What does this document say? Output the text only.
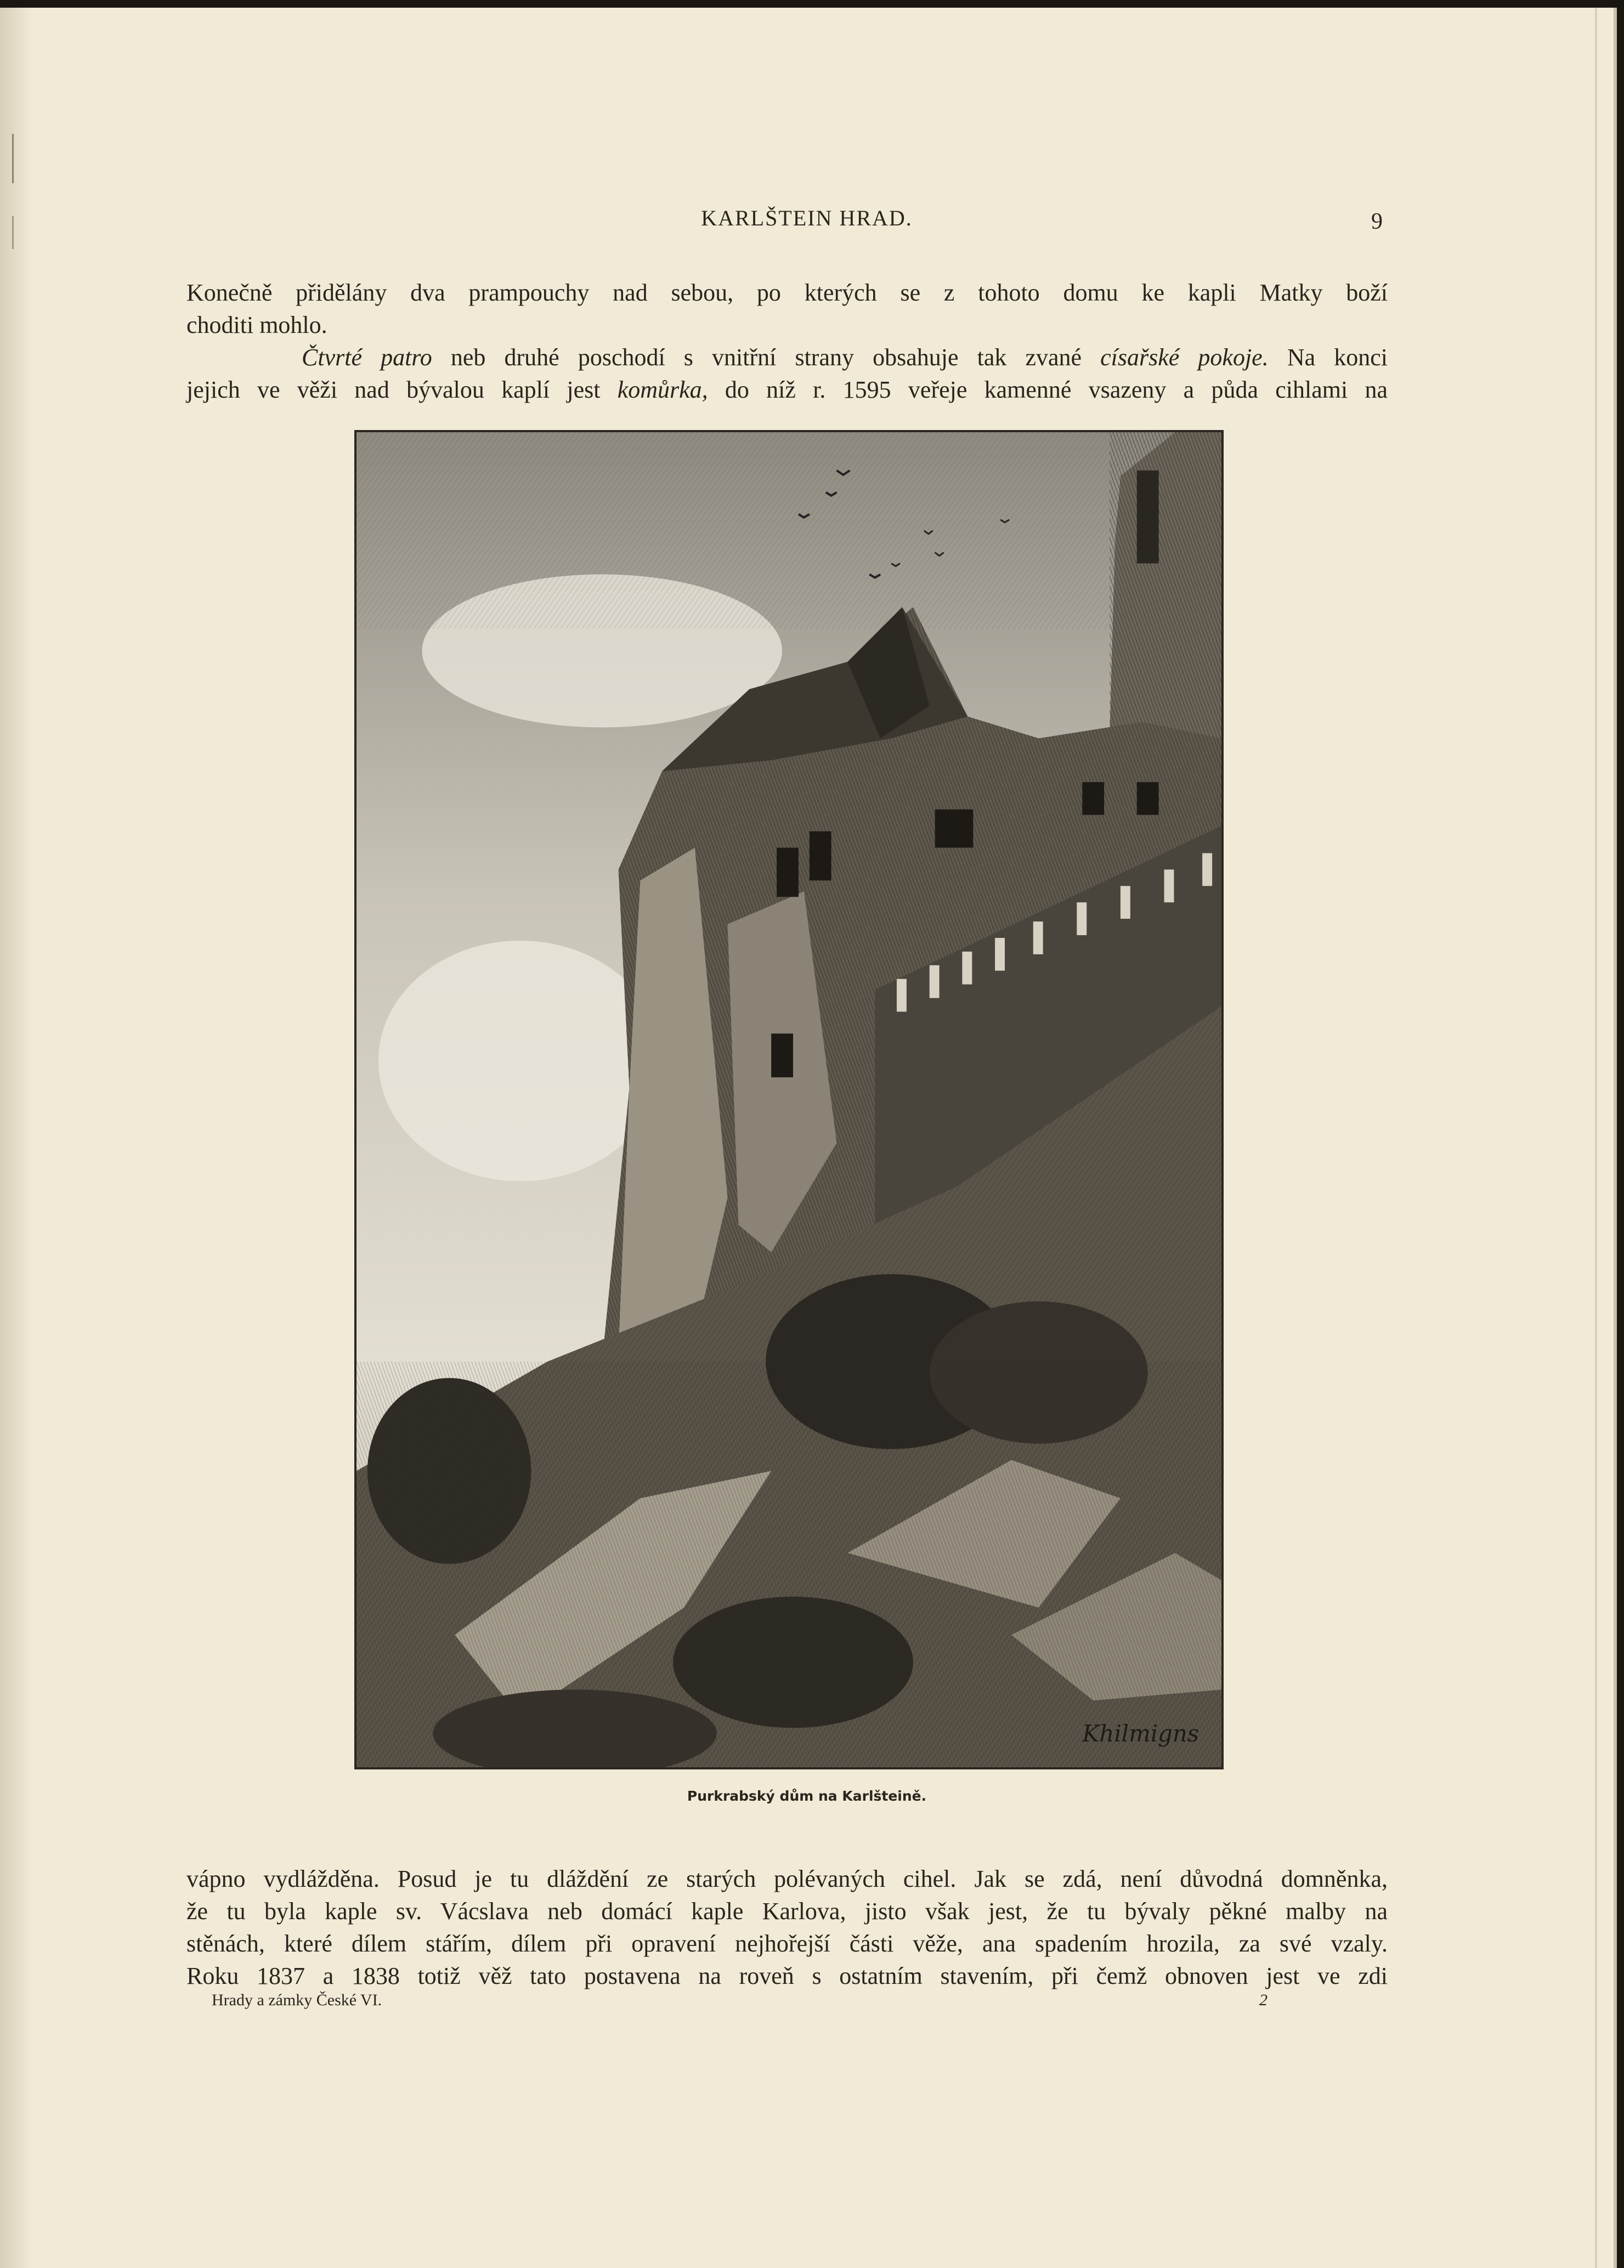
KARLŠTEIN HRAD.	9
Konečně přidělány dva prampouchy nad sebou, po kterých se z tohoto domu ke kapli Matky boží
choditi mohlo.
Čtvrté patro neb druhé poschodí s vnitřní strany obsahuje tak zvané císařské pokoje. Na konci
jejich ve věži nad bývalou kaplí jest komůrka, do níž r. 1595 veřeje kamenné vsazeny a půda cihlami na
Khilmigns
Purkrabský dům na Karlšteině.
vápno vydlážděna. Posud je tu dláždění ze starých polévaných cihel. Jak se zdá, není důvodná domněnka,
že tu byla kaple sv. Vácslava neb domácí kaple Karlova, jisto však jest, že tu bývaly pěkné malby na
stěnách, které dílem stářím, dílem při opravení nejhořejší části věže, ana spadením hrozila, za své vzaly.
Roku 1837 a 1838 totiž věž tato postavena na roveň s ostatním stavením, při čemž obnoven jest ve zdi
Hrady a zámky České VI.	2
